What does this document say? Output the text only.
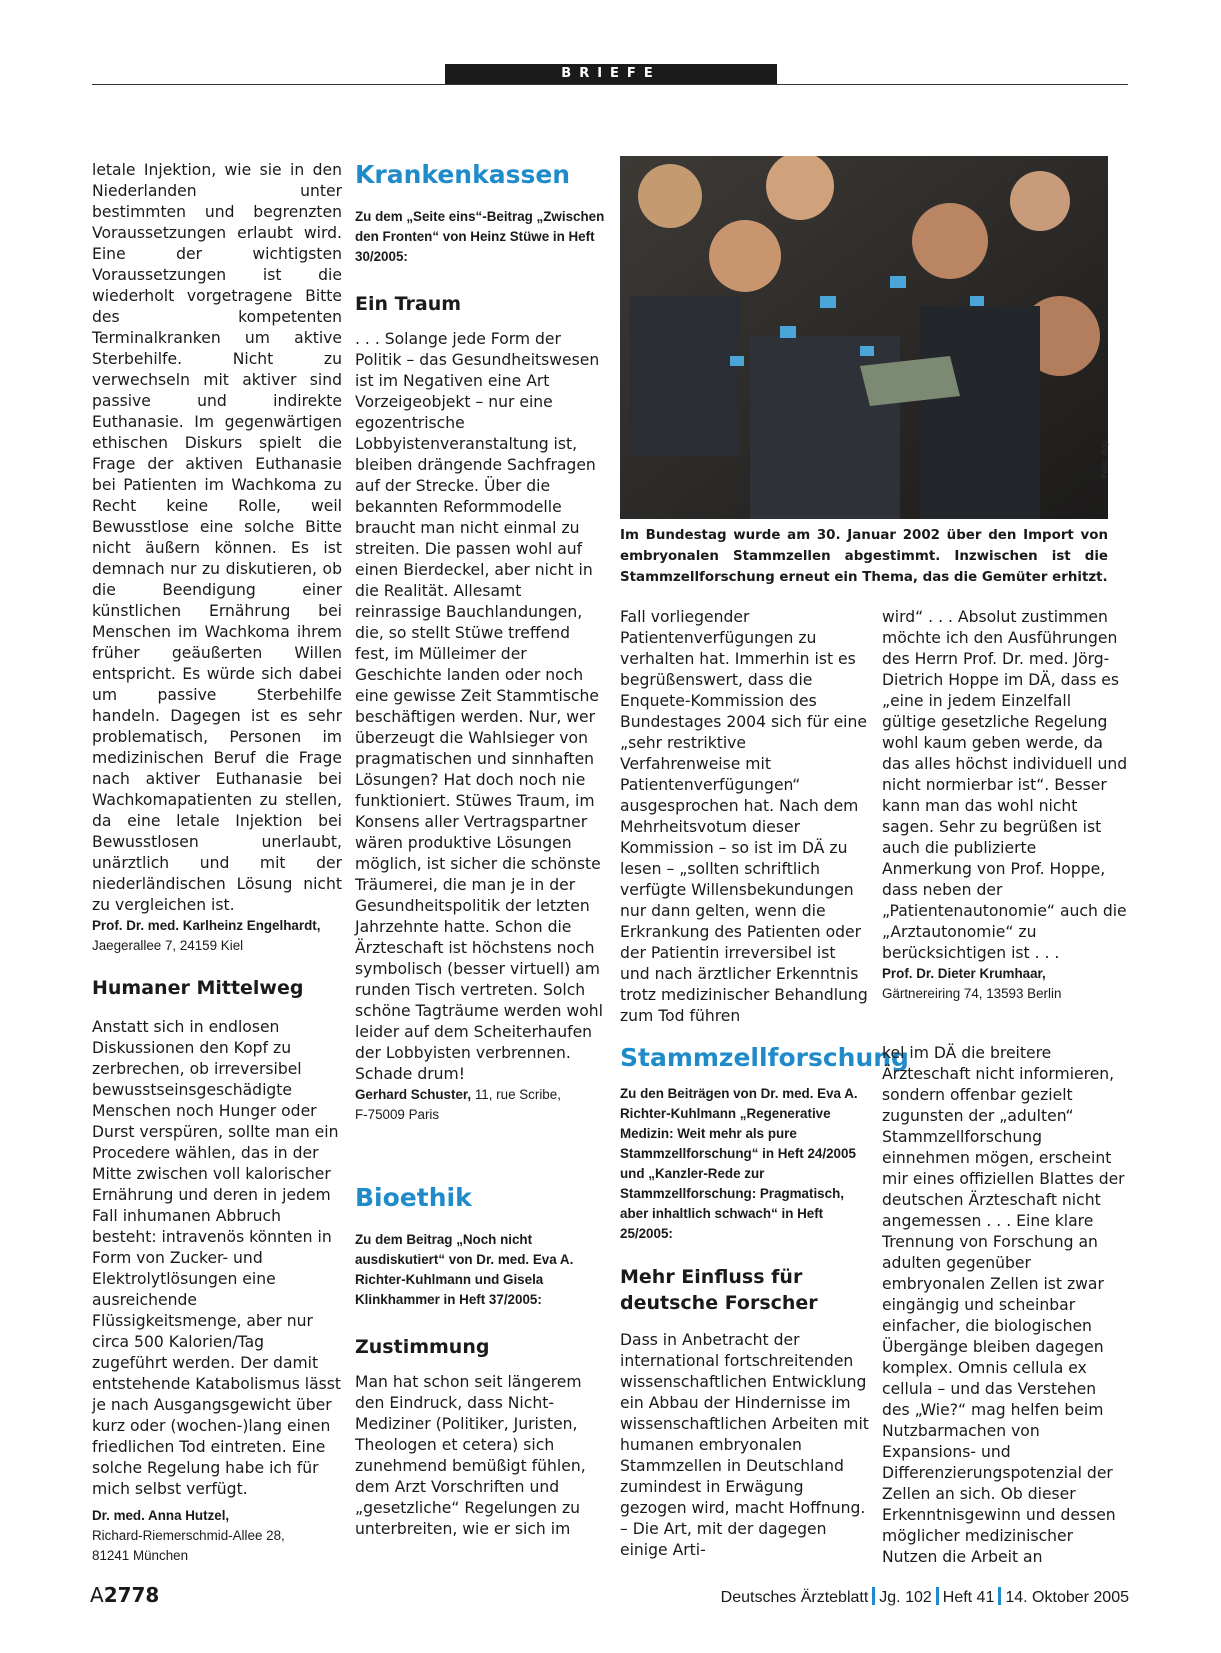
BRIEFE

letale Injektion, wie sie in den Niederlanden unter bestimmten und begrenzten Voraussetzungen erlaubt wird. Eine der wichtigsten Voraussetzungen ist die wiederholt vorgetragene Bitte des kompetenten Terminalkranken um aktive Sterbehilfe. Nicht zu verwechseln mit aktiver sind passive und indirekte Euthanasie. Im gegenwärtigen ethischen Diskurs spielt die Frage der aktiven Euthanasie bei Patienten im Wachkoma zu Recht keine Rolle, weil Bewusstlose eine solche Bitte nicht äußern können. Es ist demnach nur zu diskutieren, ob die Beendigung einer künstlichen Ernährung bei Menschen im Wachkoma ihrem früher geäußerten Willen entspricht. Es würde sich dabei um passive Sterbehilfe handeln. Dagegen ist es sehr problematisch, Personen im medizinischen Beruf die Frage nach aktiver Euthanasie bei Wachkomapatienten zu stellen, da eine letale Injektion bei Bewusstlosen unerlaubt, unärztlich und mit der niederländischen Lösung nicht zu vergleichen ist.

Prof. Dr. med. Karlheinz Engelhardt,

Jaegerallee 7, 24159 Kiel

Humaner Mittelweg

Anstatt sich in endlosen Diskussionen den Kopf zu zerbrechen, ob irreversibel bewusstseinsgeschädigte Menschen noch Hunger oder Durst verspüren, sollte man ein Procedere wählen, das in der Mitte zwischen voll kalorischer Ernährung und deren in jedem Fall inhumanen Abbruch besteht: intravenös könnten in Form von Zucker- und Elektrolytlösungen eine ausreichende Flüssigkeitsmenge, aber nur circa 500 Kalorien/Tag zugeführt werden. Der damit entstehende Katabolismus lässt je nach Ausgangsgewicht über kurz oder (wochen-)lang einen friedlichen Tod eintreten. Eine solche Regelung habe ich für mich selbst verfügt.

Dr. med. Anna Hutzel,

Richard-Riemerschmid-Allee 28, 81241 München

Krankenkassen

Zu dem „Seite eins“-Beitrag „Zwischen den Fronten“ von Heinz Stüwe in Heft 30/2005:

Ein Traum

. . . Solange jede Form der Politik – das Gesundheitswesen ist im Negativen eine Art Vorzeigeobjekt – nur eine egozentrische Lobbyistenveranstaltung ist, bleiben drängende Sachfragen auf der Strecke. Über die bekannten Reformmodelle braucht man nicht einmal zu streiten. Die passen wohl auf einen Bierdeckel, aber nicht in die Realität. Allesamt reinrassige Bauchlandungen, die, so stellt Stüwe treffend fest, im Mülleimer der Geschichte landen oder noch eine gewisse Zeit Stammtische beschäftigen werden. Nur, wer überzeugt die Wahlsieger von pragmatischen und sinnhaften Lösungen? Hat doch noch nie funktioniert. Stüwes Traum, im Konsens aller Vertragspartner wären produktive Lösungen möglich, ist sicher die schönste Träumerei, die man je in der Gesundheitspolitik der letzten Jahrzehnte hatte. Schon die Ärzteschaft ist höchstens noch symbolisch (besser virtuell) am runden Tisch vertreten. Solch schöne Tagträume werden wohl leider auf dem Scheiterhaufen der Lobbyisten verbrennen. Schade drum!

Gerhard Schuster, 11, rue Scribe,

F-75009 Paris

Bioethik

Zu dem Beitrag „Noch nicht ausdiskutiert“ von Dr. med. Eva A. Richter-Kuhlmann und Gisela Klinkhammer in Heft 37/2005:

Zustimmung

Man hat schon seit längerem den Eindruck, dass Nicht-Mediziner (Politiker, Juristen, Theologen et cetera) sich zunehmend bemüßigt fühlen, dem Arzt Vorschriften und „gesetzliche“ Regelungen zu unterbreiten, wie er sich im

Foto: ddp

Im Bundestag wurde am 30. Januar 2002 über den Import von embryonalen Stammzellen abgestimmt. Inzwischen ist die Stammzellforschung erneut ein Thema, das die Gemüter erhitzt.

Fall vorliegender Patientenverfügungen zu verhalten hat. Immerhin ist es begrüßenswert, dass die Enquete-Kommission des Bundestages 2004 sich für eine „sehr restriktive Verfahrenweise mit Patientenverfügungen“ ausgesprochen hat. Nach dem Mehrheitsvotum dieser Kommission – so ist im DÄ zu lesen – „sollten schriftlich verfügte Willensbekundungen nur dann gelten, wenn die Erkrankung des Patienten oder der Patientin irreversibel ist und nach ärztlicher Erkenntnis trotz medizinischer Behandlung zum Tod führen

Stammzellforschung

Zu den Beiträgen von Dr. med. Eva A. Richter-Kuhlmann „Regenerative Medizin: Weit mehr als pure Stammzellforschung“ in Heft 24/2005 und „Kanzler-Rede zur Stammzellforschung: Pragmatisch, aber inhaltlich schwach“ in Heft 25/2005:

Mehr Einfluss für deutsche Forscher

Dass in Anbetracht der international fortschreitenden wissenschaftlichen Entwicklung ein Abbau der Hindernisse im wissenschaftlichen Arbeiten mit humanen embryonalen Stammzellen in Deutschland zumindest in Erwägung gezogen wird, macht Hoffnung. – Die Art, mit der dagegen einige Arti-

wird“ . . . Absolut zustimmen möchte ich den Ausführungen des Herrn Prof. Dr. med. Jörg-Dietrich Hoppe im DÄ, dass es „eine in jedem Einzelfall gültige gesetzliche Regelung wohl kaum geben werde, da das alles höchst individuell und nicht normierbar ist“. Besser kann man das wohl nicht sagen. Sehr zu begrüßen ist auch die publizierte Anmerkung von Prof. Hoppe, dass neben der „Patientenautonomie“ auch die „Arztautonomie“ zu berücksichtigen ist . . .

Prof. Dr. Dieter Krumhaar,

Gärtnereiring 74, 13593 Berlin

kel im DÄ die breitere Ärzteschaft nicht informieren, sondern offenbar gezielt zugunsten der „adulten“ Stammzellforschung einnehmen mögen, erscheint mir eines offiziellen Blattes der deutschen Ärzteschaft nicht angemessen . . . Eine klare Trennung von Forschung an adulten gegenüber embryonalen Zellen ist zwar eingängig und scheinbar einfacher, die biologischen Übergänge bleiben dagegen komplex. Omnis cellula ex cellula – und das Verstehen des „Wie?“ mag helfen beim Nutzbarmachen von Expansions- und Differenzierungspotenzial der Zellen an sich. Ob dieser Erkenntnisgewinn und dessen möglicher medizinischer Nutzen die Arbeit an

A2778	Deutsches Ärzteblatt Jg. 102 Heft 41 14. Oktober 2005
